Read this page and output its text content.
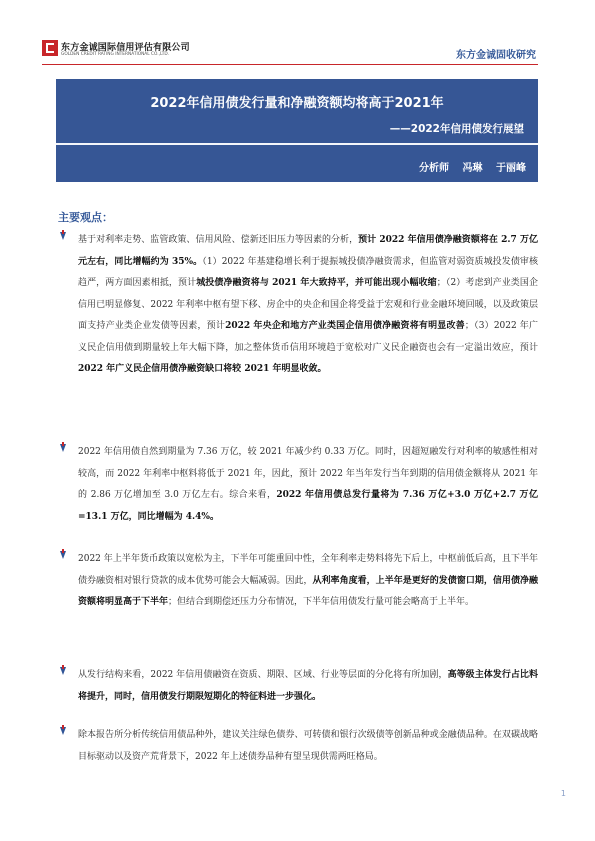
东方金诚国际信用评估有限公司
GOLDEN CREDIT RATING INTERNATIONAL CO.,LTD.	东方金诚固收研究
2022年信用债发行量和净融资额均将高于2021年
——2022年信用债发行展望
分析师 冯琳 于丽峰
主要观点：
基于对利率走势、监管政策、信用风险、偿新还旧压力等因素的分析，预计 2022 年信用债净融资额将在 2.7 万亿元左右，同比增幅约为 35%。（1）2022 年基建稳增长利于提振城投债净融资需求，但监管对弱资质城投发债审核趋严，两方面因素相抵，预计城投债净融资将与 2021 年大致持平，并可能出现小幅收缩；（2）考虑到产业类国企信用已明显修复、2022 年利率中枢有望下移、房企中的央企和国企将受益于宏观和行业金融环境回暖，以及政策层面支持产业类企业发债等因素，预计2022 年央企和地方产业类国企信用债净融资将有明显改善；（3）2022 年广义民企信用债到期量较上年大幅下降，加之整体货币信用环境趋于宽松对广义民企融资也会有一定溢出效应，预计2022 年广义民企信用债净融资缺口将较 2021 年明显收敛。
2022 年信用债自然到期量为 7.36 万亿，较 2021 年减少约 0.33 万亿。同时，因超短融发行对利率的敏感性相对较高，而 2022 年利率中枢料将低于 2021 年，因此，预计 2022 年当年发行当年到期的信用债金额将从 2021 年的 2.86 万亿增加至 3.0 万亿左右。综合来看，2022 年信用债总发行量将为 7.36 万亿+3.0 万亿+2.7 万亿=13.1 万亿，同比增幅为 4.4%。
2022 年上半年货币政策以宽松为主，下半年可能重回中性，全年利率走势料将先下后上，中枢前低后高，且下半年债券融资相对银行贷款的成本优势可能会大幅减弱。因此，从利率角度看，上半年是更好的发债窗口期，信用债净融资额将明显高于下半年；但结合到期偿还压力分布情况，下半年信用债发行量可能会略高于上半年。
从发行结构来看，2022 年信用债融资在资质、期限、区域、行业等层面的分化将有所加剧，高等级主体发行占比料将提升，同时，信用债发行期限短期化的特征料进一步强化。
除本报告所分析传统信用债品种外，建议关注绿色债券、可转债和银行次级债等创新品种或金融债品种。在双碳战略目标驱动以及资产荒背景下，2022 年上述债券品种有望呈现供需两旺格局。
1
